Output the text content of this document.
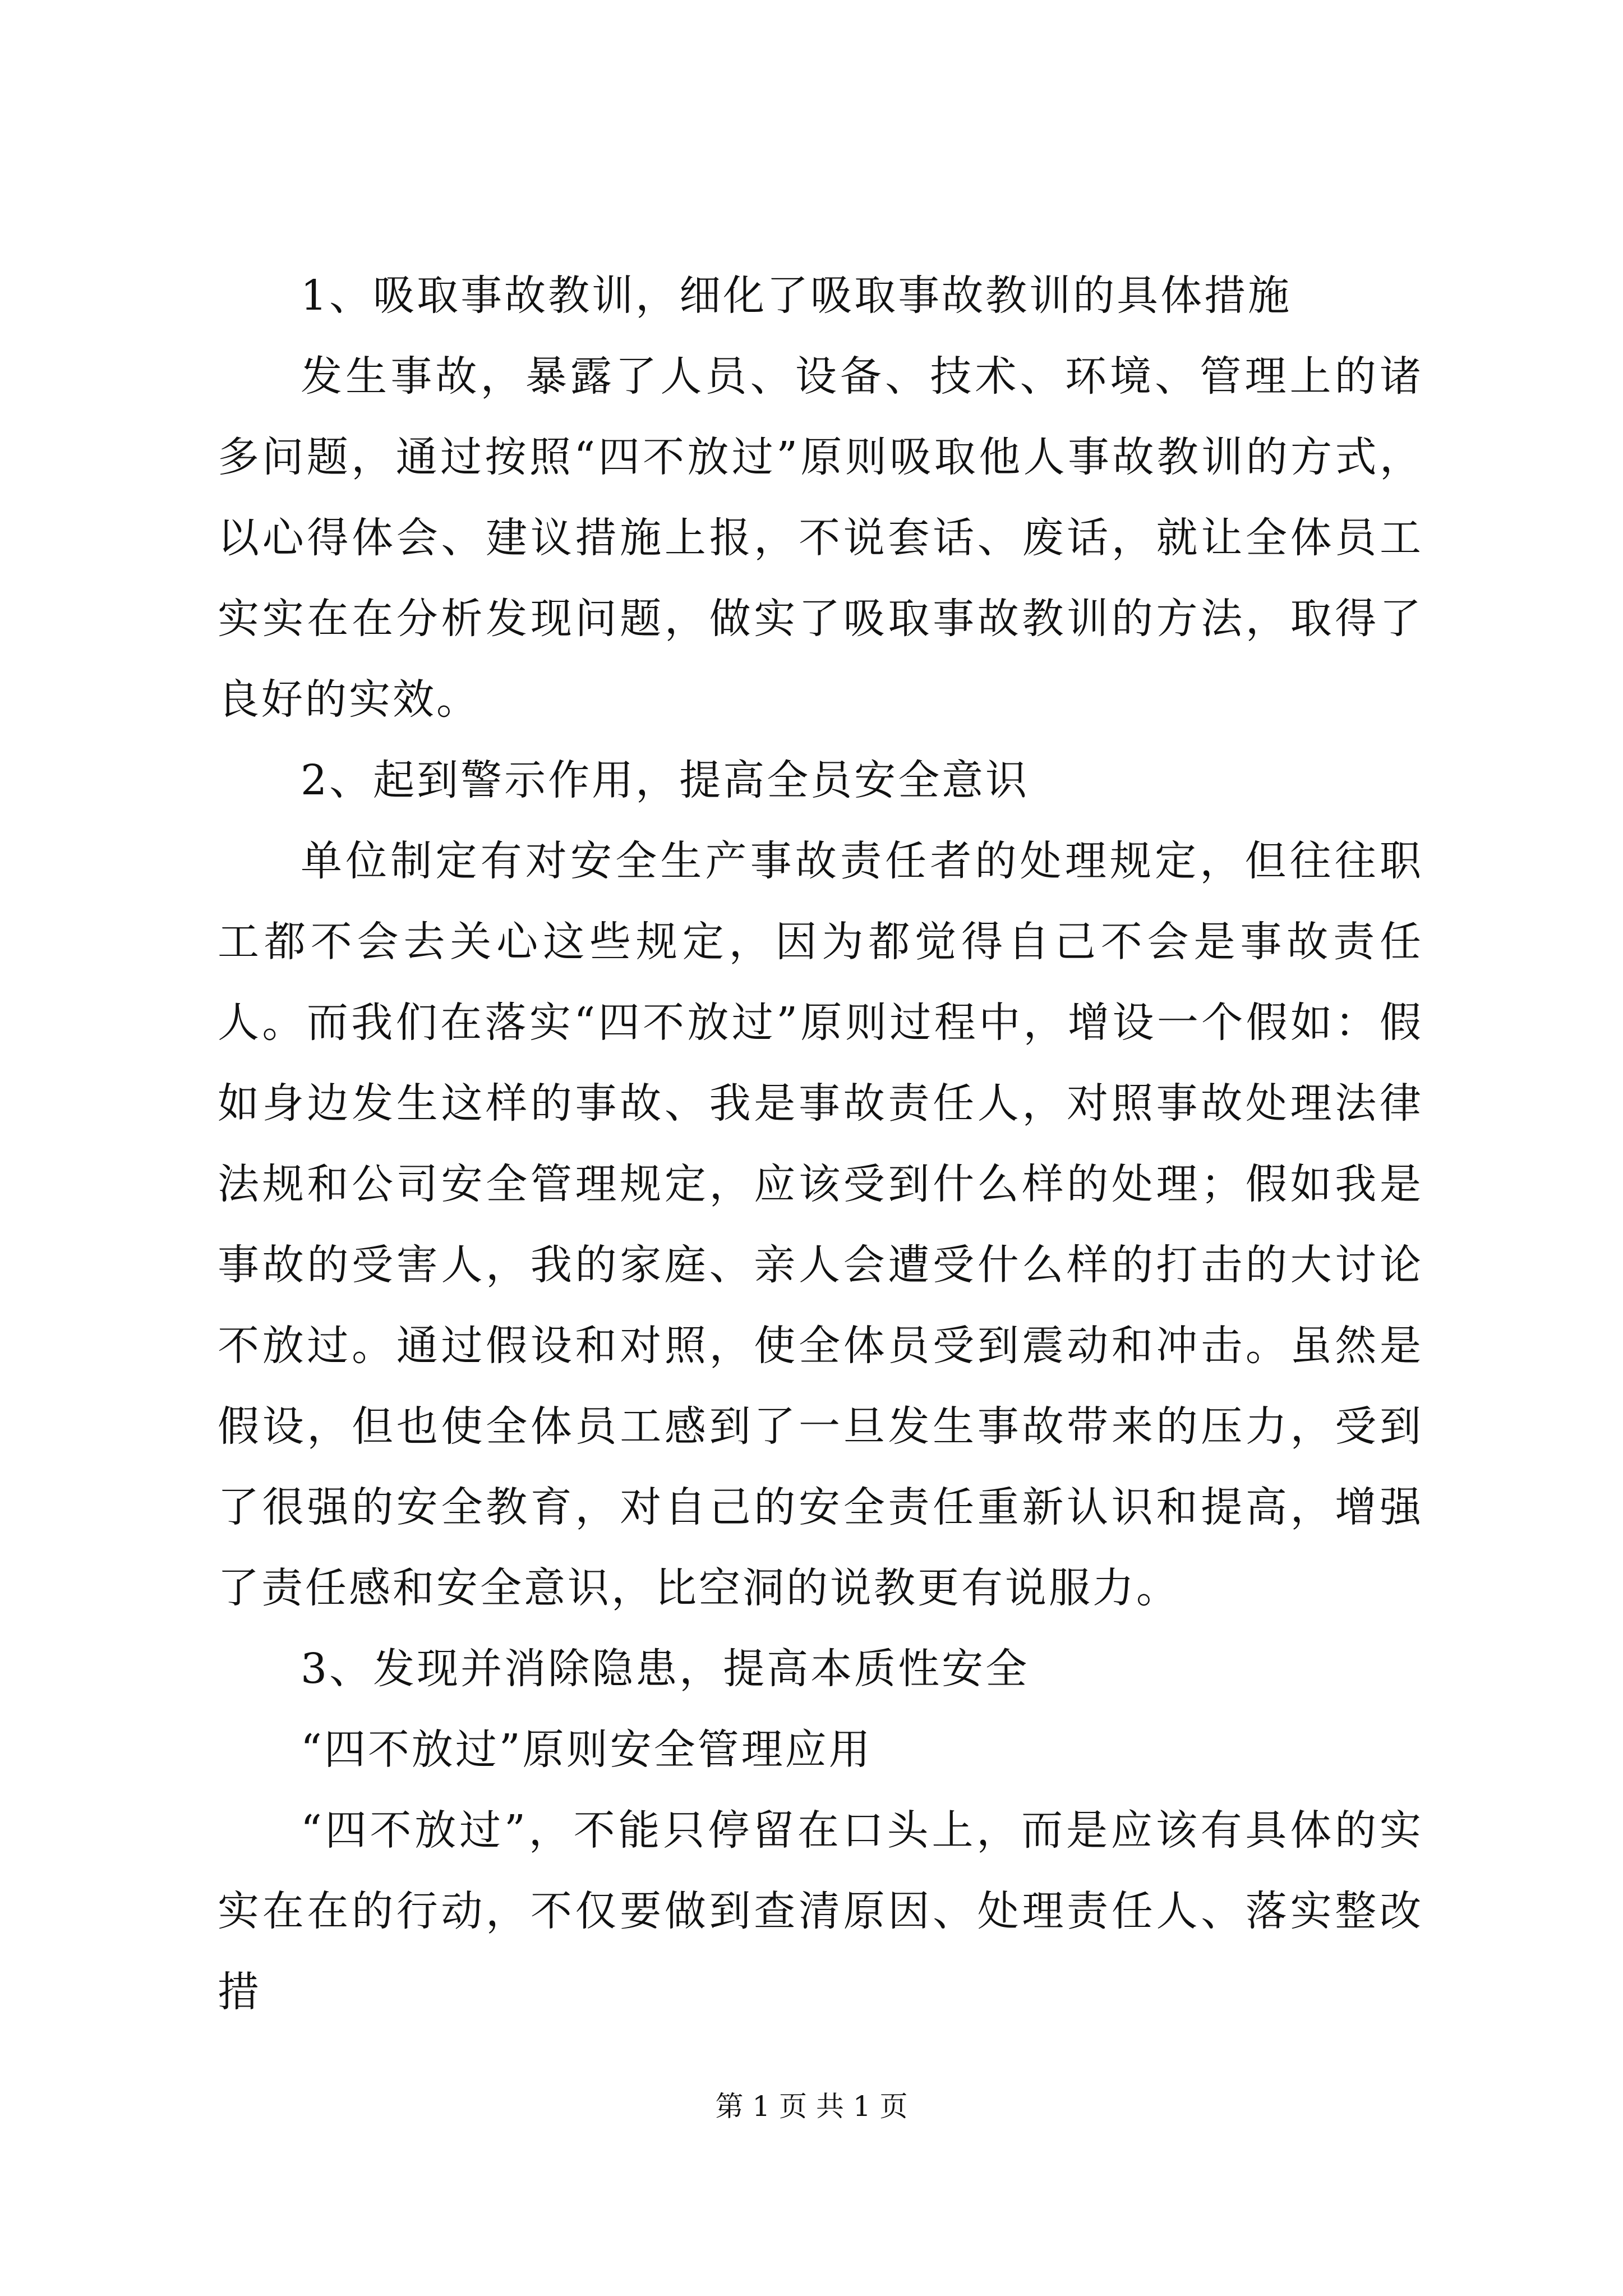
1、吸取事故教训，细化了吸取事故教训的具体措施

发生事故，暴露了人员、设备、技术、环境、管理上的诸多问题，通过按照“四不放过”原则吸取他人事故教训的方式，以心得体会、建议措施上报，不说套话、废话，就让全体员工实实在在分析发现问题，做实了吸取事故教训的方法，取得了良好的实效。

2、起到警示作用，提高全员安全意识

单位制定有对安全生产事故责任者的处理规定，但往往职工都不会去关心这些规定，因为都觉得自己不会是事故责任人。而我们在落实“四不放过”原则过程中，增设一个假如：假如身边发生这样的事故、我是事故责任人，对照事故处理法律法规和公司安全管理规定，应该受到什么样的处理；假如我是事故的受害人，我的家庭、亲人会遭受什么样的打击的大讨论不放过。通过假设和对照，使全体员受到震动和冲击。虽然是假设，但也使全体员工感到了一旦发生事故带来的压力，受到了很强的安全教育，对自己的安全责任重新认识和提高，增强了责任感和安全意识，比空洞的说教更有说服力。

3、发现并消除隐患，提高本质性安全

“四不放过”原则安全管理应用

“四不放过”，不能只停留在口头上，而是应该有具体的实实在在的行动，不仅要做到查清原因、处理责任人、落实整改措

第 1 页 共 1 页
